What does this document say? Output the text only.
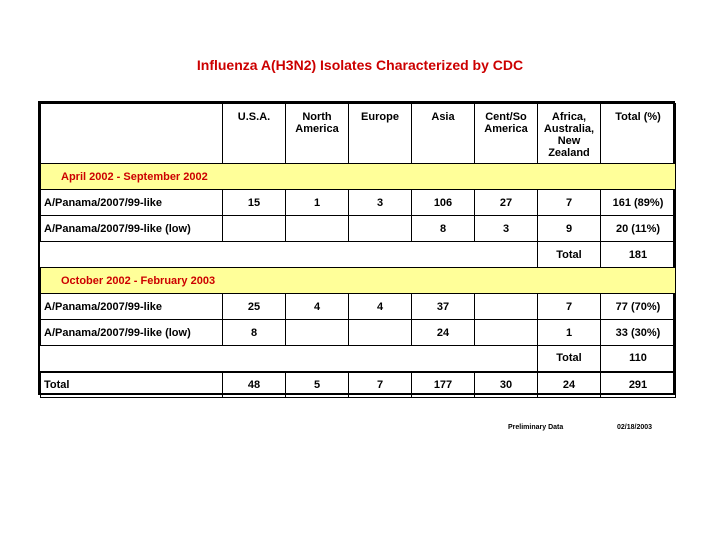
Influenza A(H3N2) Isolates Characterized by CDC
	U.S.A.	North America	Europe	Asia	Cent/So America	Africa, Australia, New Zealand	Total (%)
April 2002 - September 2002							
A/Panama/2007/99-like	15	1	3	106	27	7	161 (89%)
A/Panama/2007/99-like (low)				8	3	9	20 (11%)
						Total	181
October 2002 - February 2003							
A/Panama/2007/99-like	25	4	4	37		7	77 (70%)
A/Panama/2007/99-like (low)	8			24		1	33 (30%)
						Total	110
Total	48	5	7	177	30	24	291
Preliminary Data	02/18/2003
